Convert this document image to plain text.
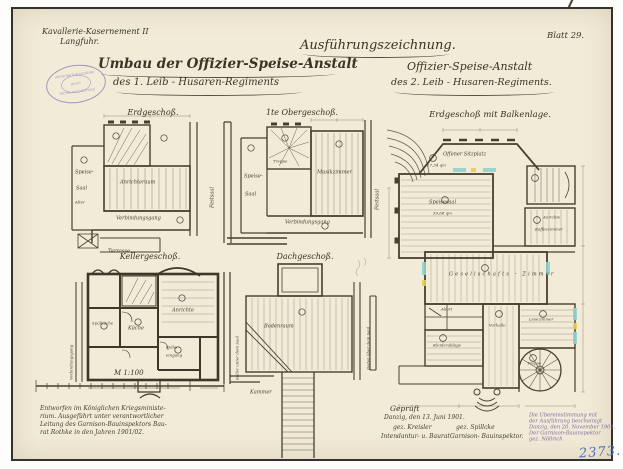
Kavallerie-Kasernement II
Langfuhr.
ARCHITEKTUR-MUSEUM
BLATT
TECHN. HOCHSCHULE
Ausführungszeichnung.
Blatt 29.
Umbau der Offizier-Speise-Anstalt
des 1. Leib - Husaren-Regiments
Offizier-Speise-Anstalt
des 2. Leib - Husaren-Regiments.
Erdgeschoß.
Speise-
Saal
Alter
Anrichteraum
Verbindungsgang
Terrasse
Festsaal
1te Obergeschoß.
Treppe
Speise-
Saal
Musikzimmer
Verbindungsgang
Festsaal
Kellergeschoß.
Spülküche
Küche
Anrichte
Keller-
eingang
Verbindungsgang	Keller unter dem Saal
Dachgeschoß.
Bodenraum
Kammer
Boden über dem Saal
Erdgeschoß mit Balkenlage.
Offener Sitzplatz
17,34 qm
Speisesaal
59,68 qm
Anrichte
Kaffeezimmer
Gesellschafts - Zimmer
Abort
Kleiderablage
Vorhalle
Lesezimmer
Treppe
M 1:100
Entworfen im Königlichen Kriegsministe-
rium. Ausgeführt unter verantwortlicher
Leitung des Garnison-Bauinspektors Bau-
rat Rothke in den Jahren 1901/02.
Geprüft
Danzig, den 13. Juni 1901.
gez. Kreisler	gez. Spillcke
Intendantur- u. Baurat Garnison- Bauinspektor.
Die Übereinstimmung mit
der Ausführung bescheinigt
Danzig, den 20. November 1901.
Der Garnison-Bauinspektor
gez. Nöllrich
2373.
